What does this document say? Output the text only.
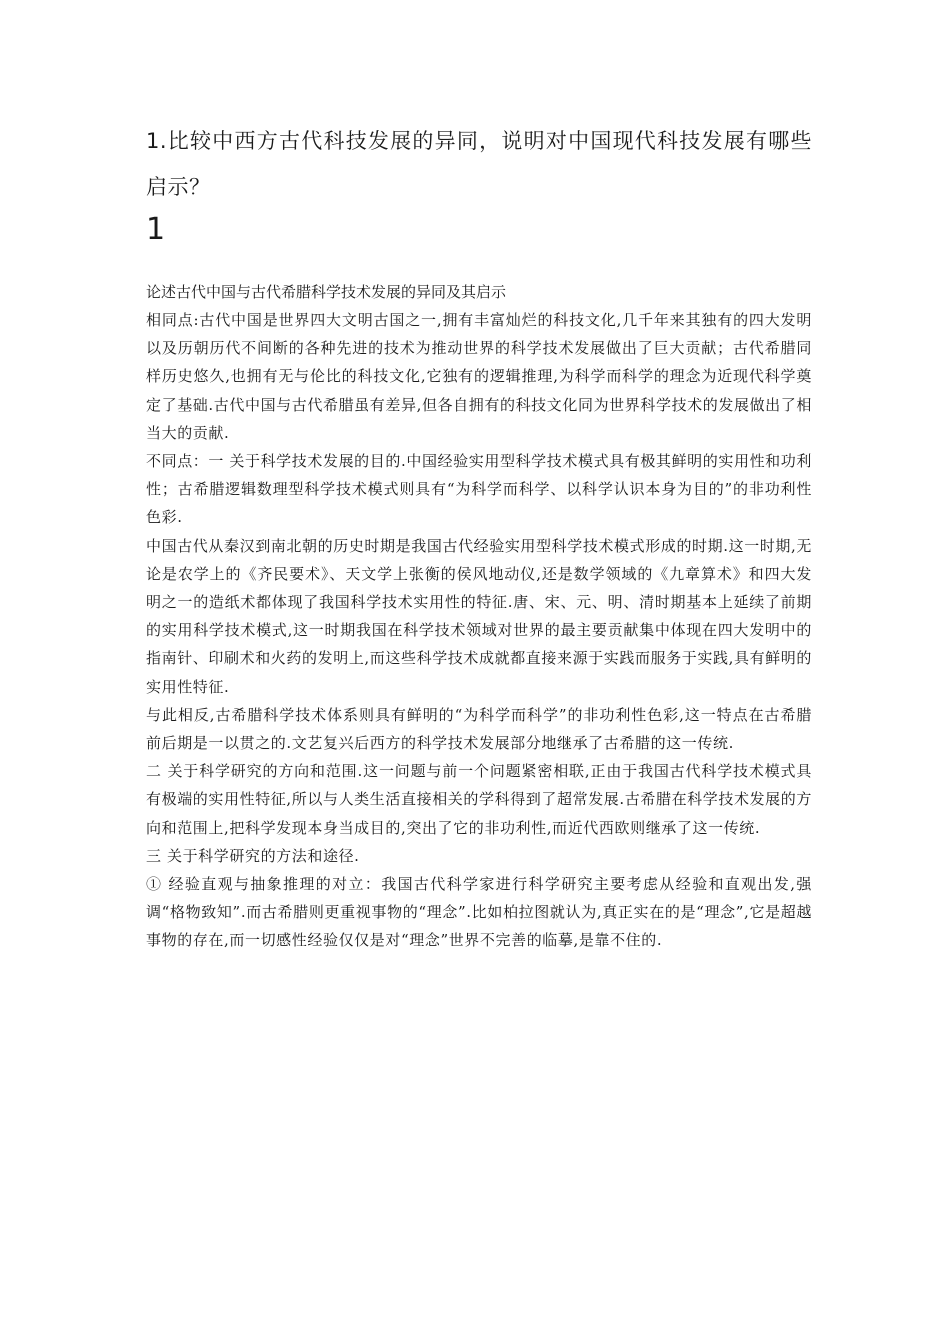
1.比较中西方古代科技发展的异同，说明对中国现代科技发展有哪些启示？
1

论述古代中国与古代希腊科学技术发展的异同及其启示

相同点:古代中国是世界四大文明古国之一,拥有丰富灿烂的科技文化,几千年来其独有的四大发明以及历朝历代不间断的各种先进的技术为推动世界的科学技术发展做出了巨大贡献；古代希腊同样历史悠久,也拥有无与伦比的科技文化,它独有的逻辑推理,为科学而科学的理念为近现代科学奠定了基础.古代中国与古代希腊虽有差异,但各自拥有的科技文化同为世界科学技术的发展做出了相当大的贡献.

不同点：一 关于科学技术发展的目的.中国经验实用型科学技术模式具有极其鲜明的实用性和功利性；古希腊逻辑数理型科学技术模式则具有“为科学而科学、以科学认识本身为目的”的非功利性色彩.

中国古代从秦汉到南北朝的历史时期是我国古代经验实用型科学技术模式形成的时期.这一时期,无论是农学上的《齐民要术》、天文学上张衡的侯风地动仪,还是数学领域的《九章算术》和四大发明之一的造纸术都体现了我国科学技术实用性的特征.唐、宋、元、明、清时期基本上延续了前期的实用科学技术模式,这一时期我国在科学技术领域对世界的最主要贡献集中体现在四大发明中的指南针、印刷术和火药的发明上,而这些科学技术成就都直接来源于实践而服务于实践,具有鲜明的实用性特征.

与此相反,古希腊科学技术体系则具有鲜明的“为科学而科学”的非功利性色彩,这一特点在古希腊前后期是一以贯之的.文艺复兴后西方的科学技术发展部分地继承了古希腊的这一传统.

二 关于科学研究的方向和范围.这一问题与前一个问题紧密相联,正由于我国古代科学技术模式具有极端的实用性特征,所以与人类生活直接相关的学科得到了超常发展.古希腊在科学技术发展的方向和范围上,把科学发现本身当成目的,突出了它的非功利性,而近代西欧则继承了这一传统.

三 关于科学研究的方法和途径.

① 经验直观与抽象推理的对立：我国古代科学家进行科学研究主要考虑从经验和直观出发,强调“格物致知”.而古希腊则更重视事物的“理念”.比如柏拉图就认为,真正实在的是“理念”,它是超越事物的存在,而一切感性经验仅仅是对“理念”世界不完善的临摹,是靠不住的.
